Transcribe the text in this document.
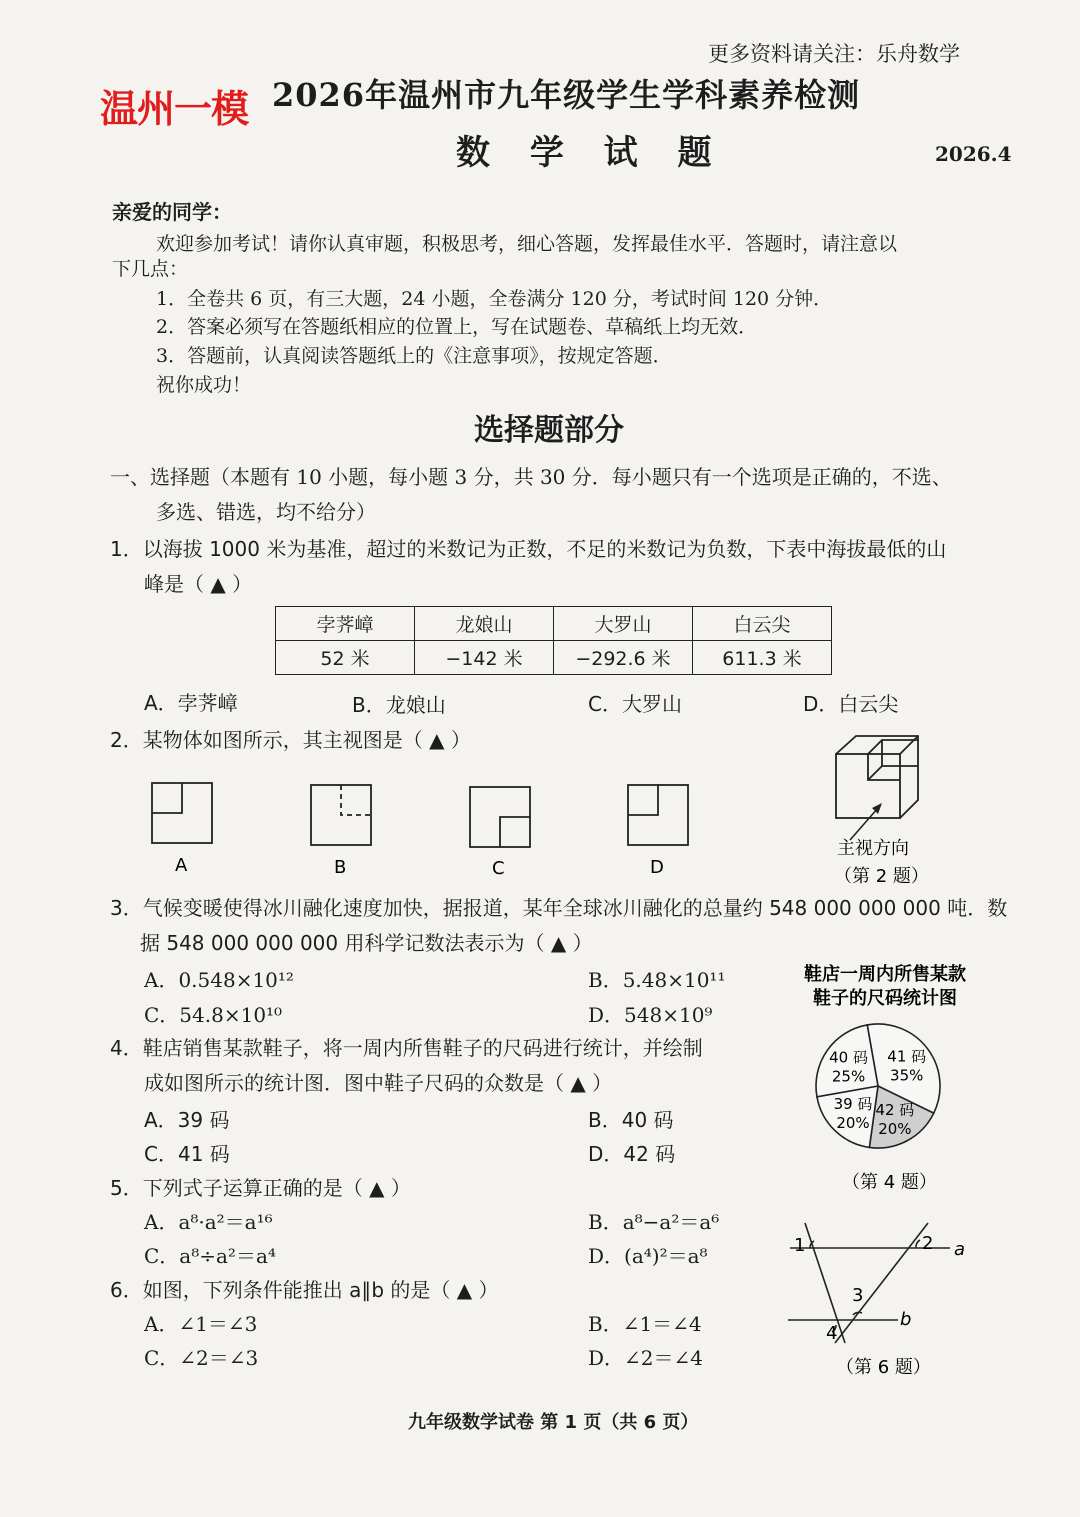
更多资料请关注：乐舟数学
温州一模 2026年温州市九年级学生学科素养检测
数 学 试 题	2026.4
亲爱的同学：
欢迎参加考试！请你认真审题，积极思考，细心答题，发挥最佳水平．答题时，请注意以
下几点：
1．全卷共 6 页，有三大题，24 小题，全卷满分 120 分，考试时间 120 分钟．
2．答案必须写在答题纸相应的位置上，写在试题卷、草稿纸上均无效．
3．答题前，认真阅读答题纸上的《注意事项》，按规定答题．
祝你成功！
选择题部分
一、选择题（本题有 10 小题，每小题 3 分，共 30 分．每小题只有一个选项是正确的，不选、
多选、错选，均不给分）
1．以海拔 1000 米为基准，超过的米数记为正数，不足的米数记为负数，下表中海拔最低的山
峰是（ ▲ ）
孛荠嶂	龙娘山	大罗山	白云尖
52 米	−142 米	−292.6 米	611.3 米
A．孛荠嶂	B．龙娘山	C．大罗山	D．白云尖
2．某物体如图所示，其主视图是（ ▲ ）
A	B	C	D
主视方向
（第 2 题）
3．气候变暖使得冰川融化速度加快，据报道，某年全球冰川融化的总量约 548 000 000 000 吨．数
据 548 000 000 000 用科学记数法表示为（ ▲ ）
A．0.548×10¹²	B．5.48×10¹¹
C．54.8×10¹⁰	D．548×10⁹
4．鞋店销售某款鞋子，将一周内所售鞋子的尺码进行统计，并绘制
成如图所示的统计图．图中鞋子尺码的众数是（ ▲ ）
A．39 码	B．40 码
C．41 码	D．42 码
鞋店一周内所售某款
鞋子的尺码统计图
41 码
35%
42 码
20%
39 码
20%
40 码
25%
（第 4 题）
5．下列式子运算正确的是（ ▲ ）
A．a⁸·a²＝a¹⁶	B．a⁸−a²＝a⁶
C．a⁸÷a²＝a⁴	D．(a⁴)²＝a⁸
6．如图，下列条件能推出 a∥b 的是（ ▲ ）
A．∠1＝∠3	B．∠1＝∠4
C．∠2＝∠3	D．∠2＝∠4
1	2
3
4
a
b
（第 6 题）
九年级数学试卷 第 1 页（共 6 页）
